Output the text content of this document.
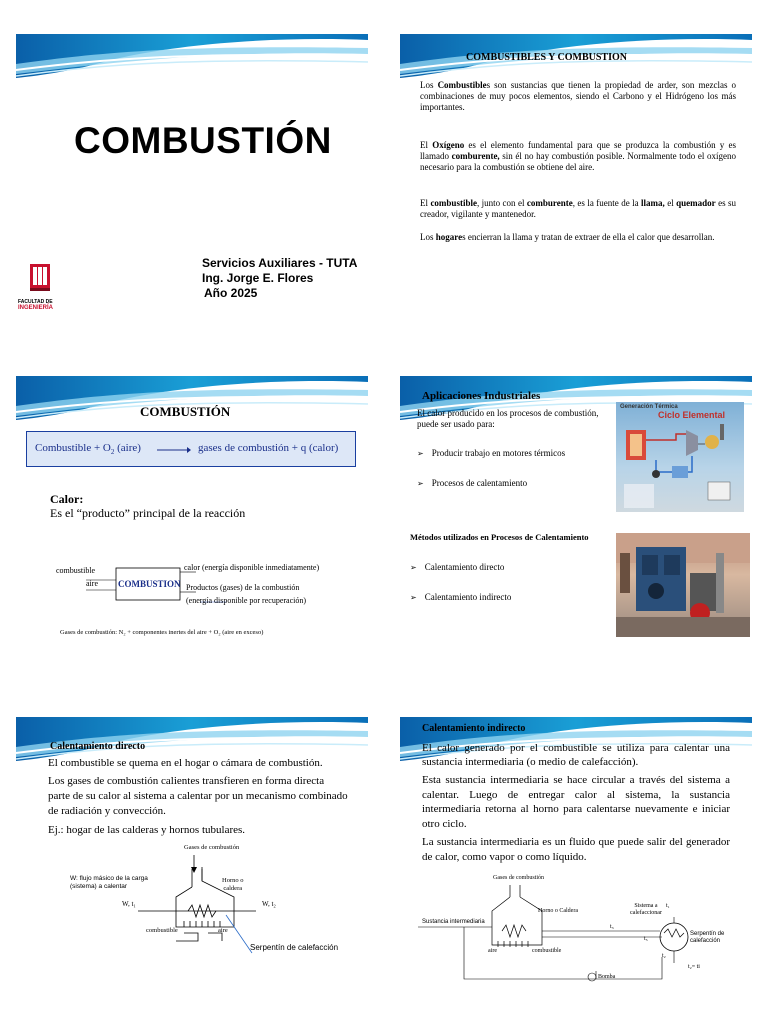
COMBUSTIÓN
Servicios Auxiliares - TUTA
Ing. Jorge E. Flores
Año 2025
FACULTAD DE
INGENIERÍA
COMBUSTIBLES Y COMBUSTION
Los Combustibles son sustancias que tienen la propiedad de arder, son mezclas o combinaciones de muy pocos elementos, siendo el Carbono y el Hidrógeno los más importantes.
El Oxígeno es el elemento fundamental para que se produzca la combustión y es llamado comburente, sin él no hay combustión posible. Normalmente todo el oxígeno necesario para la combustión se obtiene del aire.
El combustible, junto con el comburente, es la fuente de la llama, el quemador es su creador, vigilante y mantenedor.
Los hogares encierran la llama y tratan de extraer de ella el calor que desarrollan.
COMBUSTIÓN
Combustible + $O_2$ (aire)	gases de combustión + q (calor)
Calor:
Es el “producto” principal de la reacción
combustible
aire COMBUSTION
calor (energía disponible inmediatamente)
Productos (gases) de la combustión
(energía disponible por recuperación)
Gases de combustión: N₂ + componentes inertes del aire + O₂ (aire en exceso)
Aplicaciones Industriales
El calor producido en los procesos de combustión, puede ser usado para:
➢ Producir trabajo en motores térmicos
➢ Procesos de calentamiento
Generación Térmica
Ciclo Elemental
Métodos utilizados en Procesos de Calentamiento
➢ Calentamiento directo
➢ Calentamiento indirecto
Calentamiento directo
El combustible se quema en el hogar o cámara de combustión.
Los gases de combustión calientes transfieren en forma directa parte de su calor al sistema a calentar por un mecanismo combinado de radiación y convección.
Ej.: hogar de las calderas y hornos tubulares.
Gases de combustión
W: flujo másico de la carga
(sistema) a calentar
Horno o
caldera
W, t₁	W, t₂
combustible	aire
Serpentín de calefacción
Calentamiento indirecto
El calor generado por el combustible se utiliza para calentar una sustancia intermediaria (o medio de calefacción).
Esta sustancia intermediaria se hace circular a través del sistema a calentar. Luego de entregar calor al sistema, la sustancia intermediaria retorna al horno para calentarse nuevamente e iniciar otro ciclo.
La sustancia intermediaria es un fluido que puede salir del generador de calor, como vapor o como líquido.
Gases de combustión
Horno o Caldera
Sustancia intermediaria
Sistema a
calefaccionar
Serpentín de
calefacción
t₁
t₃
t₅
t₂
t₂= ti
aire	combustible
Bomba
